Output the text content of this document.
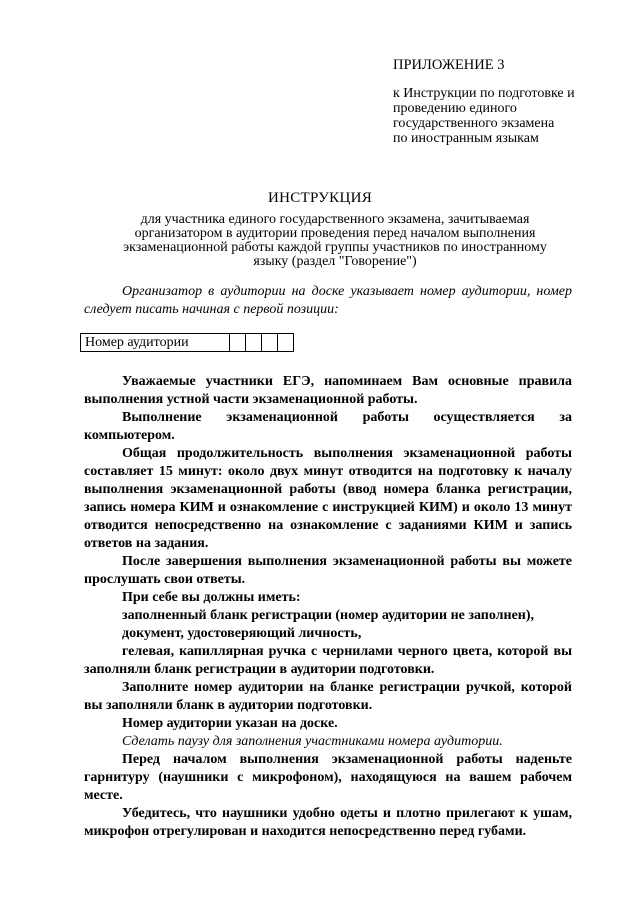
ПРИЛОЖЕНИЕ 3
к Инструкции по подготовке и
проведению единого
государственного экзамена
по иностранным языкам
ИНСТРУКЦИЯ
для участника единого государственного экзамена, зачитываемая
организатором в аудитории проведения перед началом выполнения
экзаменационной работы каждой группы участников по иностранному
языку (раздел "Говорение")
Организатор в аудитории на доске указывает номер аудитории, номер следует писать начиная с первой позиции:
Номер аудитории				

Уважаемые участники ЕГЭ, напоминаем Вам основные правила выполнения устной части экзаменационной работы.

Выполнение экзаменационной работы осуществляется за компьютером.

Общая продолжительность выполнения экзаменационной работы составляет 15 минут: около двух минут отводится на подготовку к началу выполнения экзаменационной работы (ввод номера бланка регистрации, запись номера КИМ и ознакомление с инструкцией КИМ) и около 13 минут отводится непосредственно на ознакомление с заданиями КИМ и запись ответов на задания.

После завершения выполнения экзаменационной работы вы можете прослушать свои ответы.

При себе вы должны иметь:

заполненный бланк регистрации (номер аудитории не заполнен),

документ, удостоверяющий личность,

гелевая, капиллярная ручка с чернилами черного цвета, которой вы заполняли бланк регистрации в аудитории подготовки.

Заполните номер аудитории на бланке регистрации ручкой, которой вы заполняли бланк в аудитории подготовки.

Номер аудитории указан на доске.

Сделать паузу для заполнения участниками номера аудитории.

Перед началом выполнения экзаменационной работы наденьте гарнитуру (наушники с микрофоном), находящуюся на вашем рабочем месте.

Убедитесь, что наушники удобно одеты и плотно прилегают к ушам, микрофон отрегулирован и находится непосредственно перед губами.
